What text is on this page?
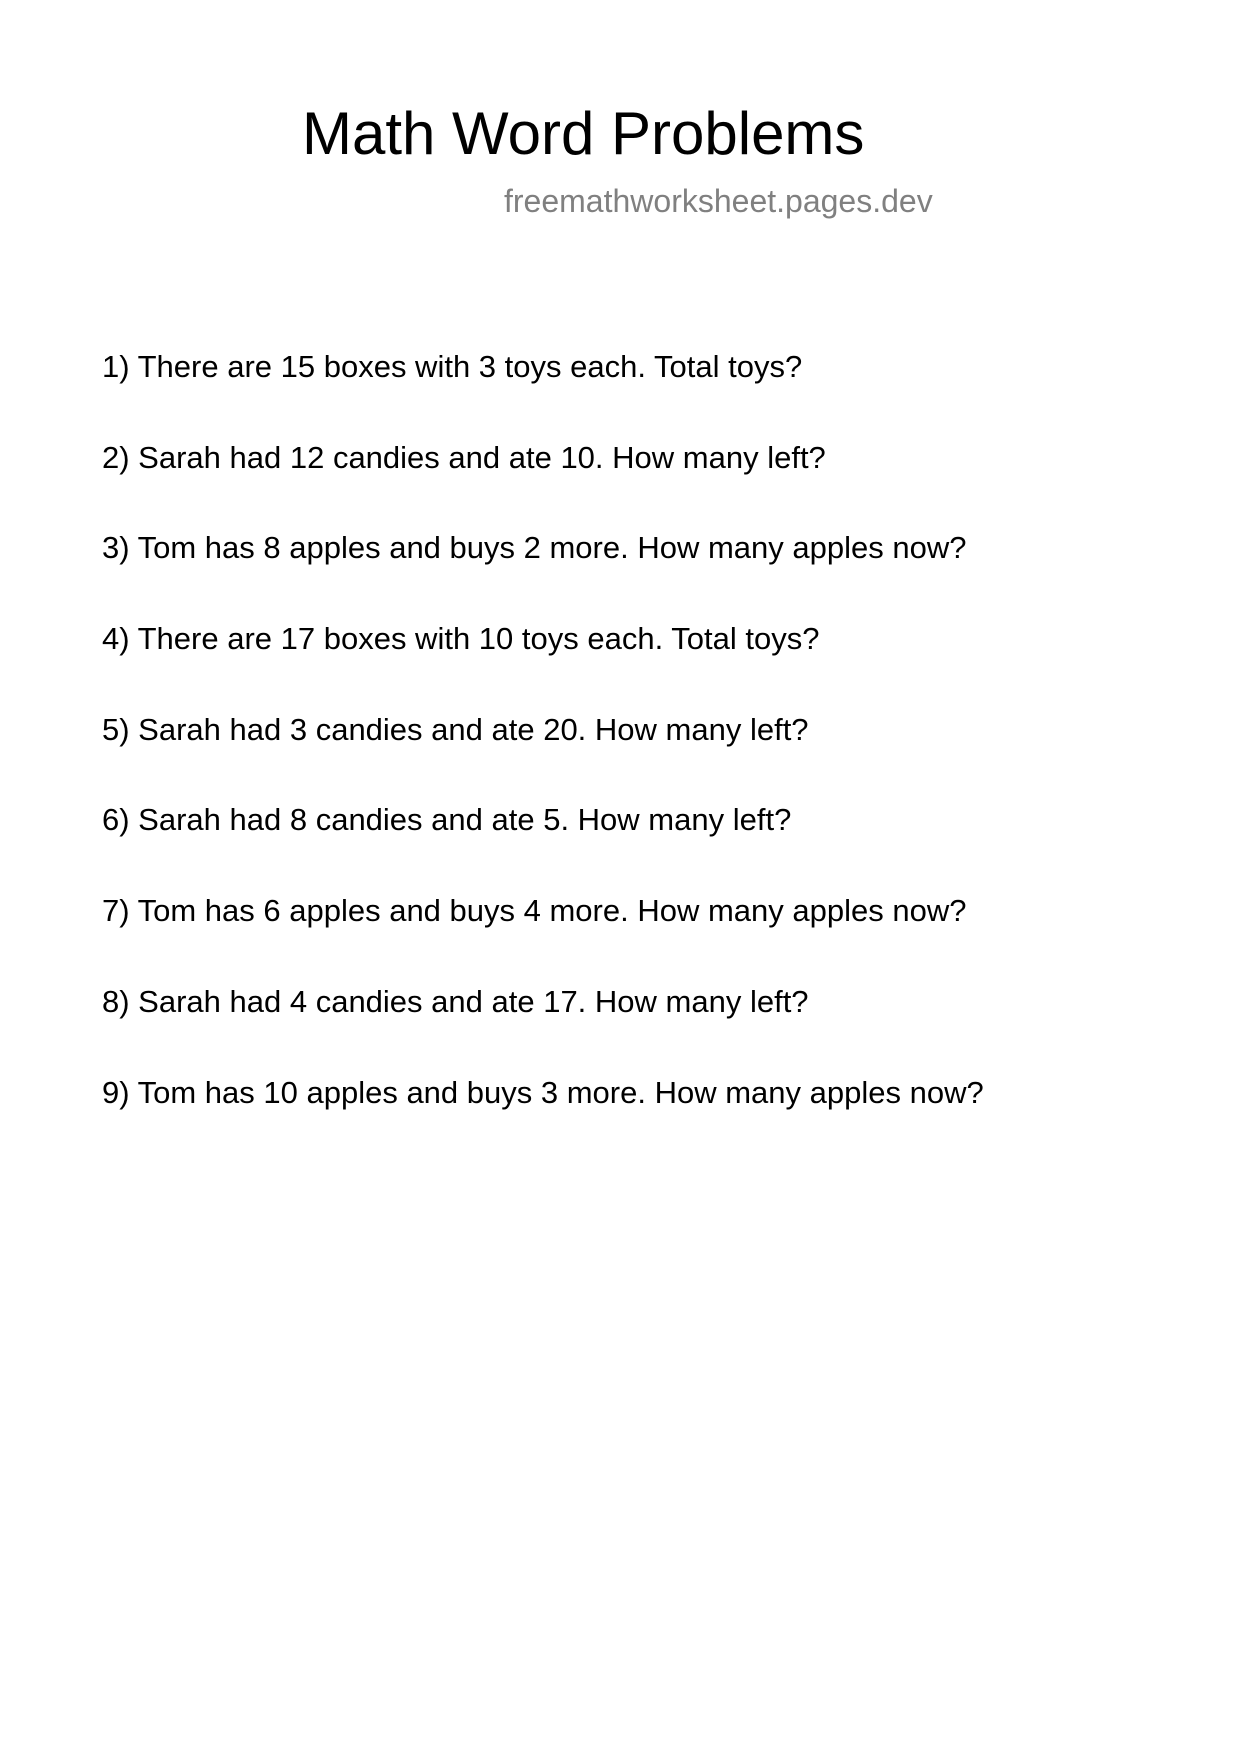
Math Word Problems
freemathworksheet.pages.dev
1) There are 15 boxes with 3 toys each. Total toys?
2) Sarah had 12 candies and ate 10. How many left?
3) Tom has 8 apples and buys 2 more. How many apples now?
4) There are 17 boxes with 10 toys each. Total toys?
5) Sarah had 3 candies and ate 20. How many left?
6) Sarah had 8 candies and ate 5. How many left?
7) Tom has 6 apples and buys 4 more. How many apples now?
8) Sarah had 4 candies and ate 17. How many left?
9) Tom has 10 apples and buys 3 more. How many apples now?
